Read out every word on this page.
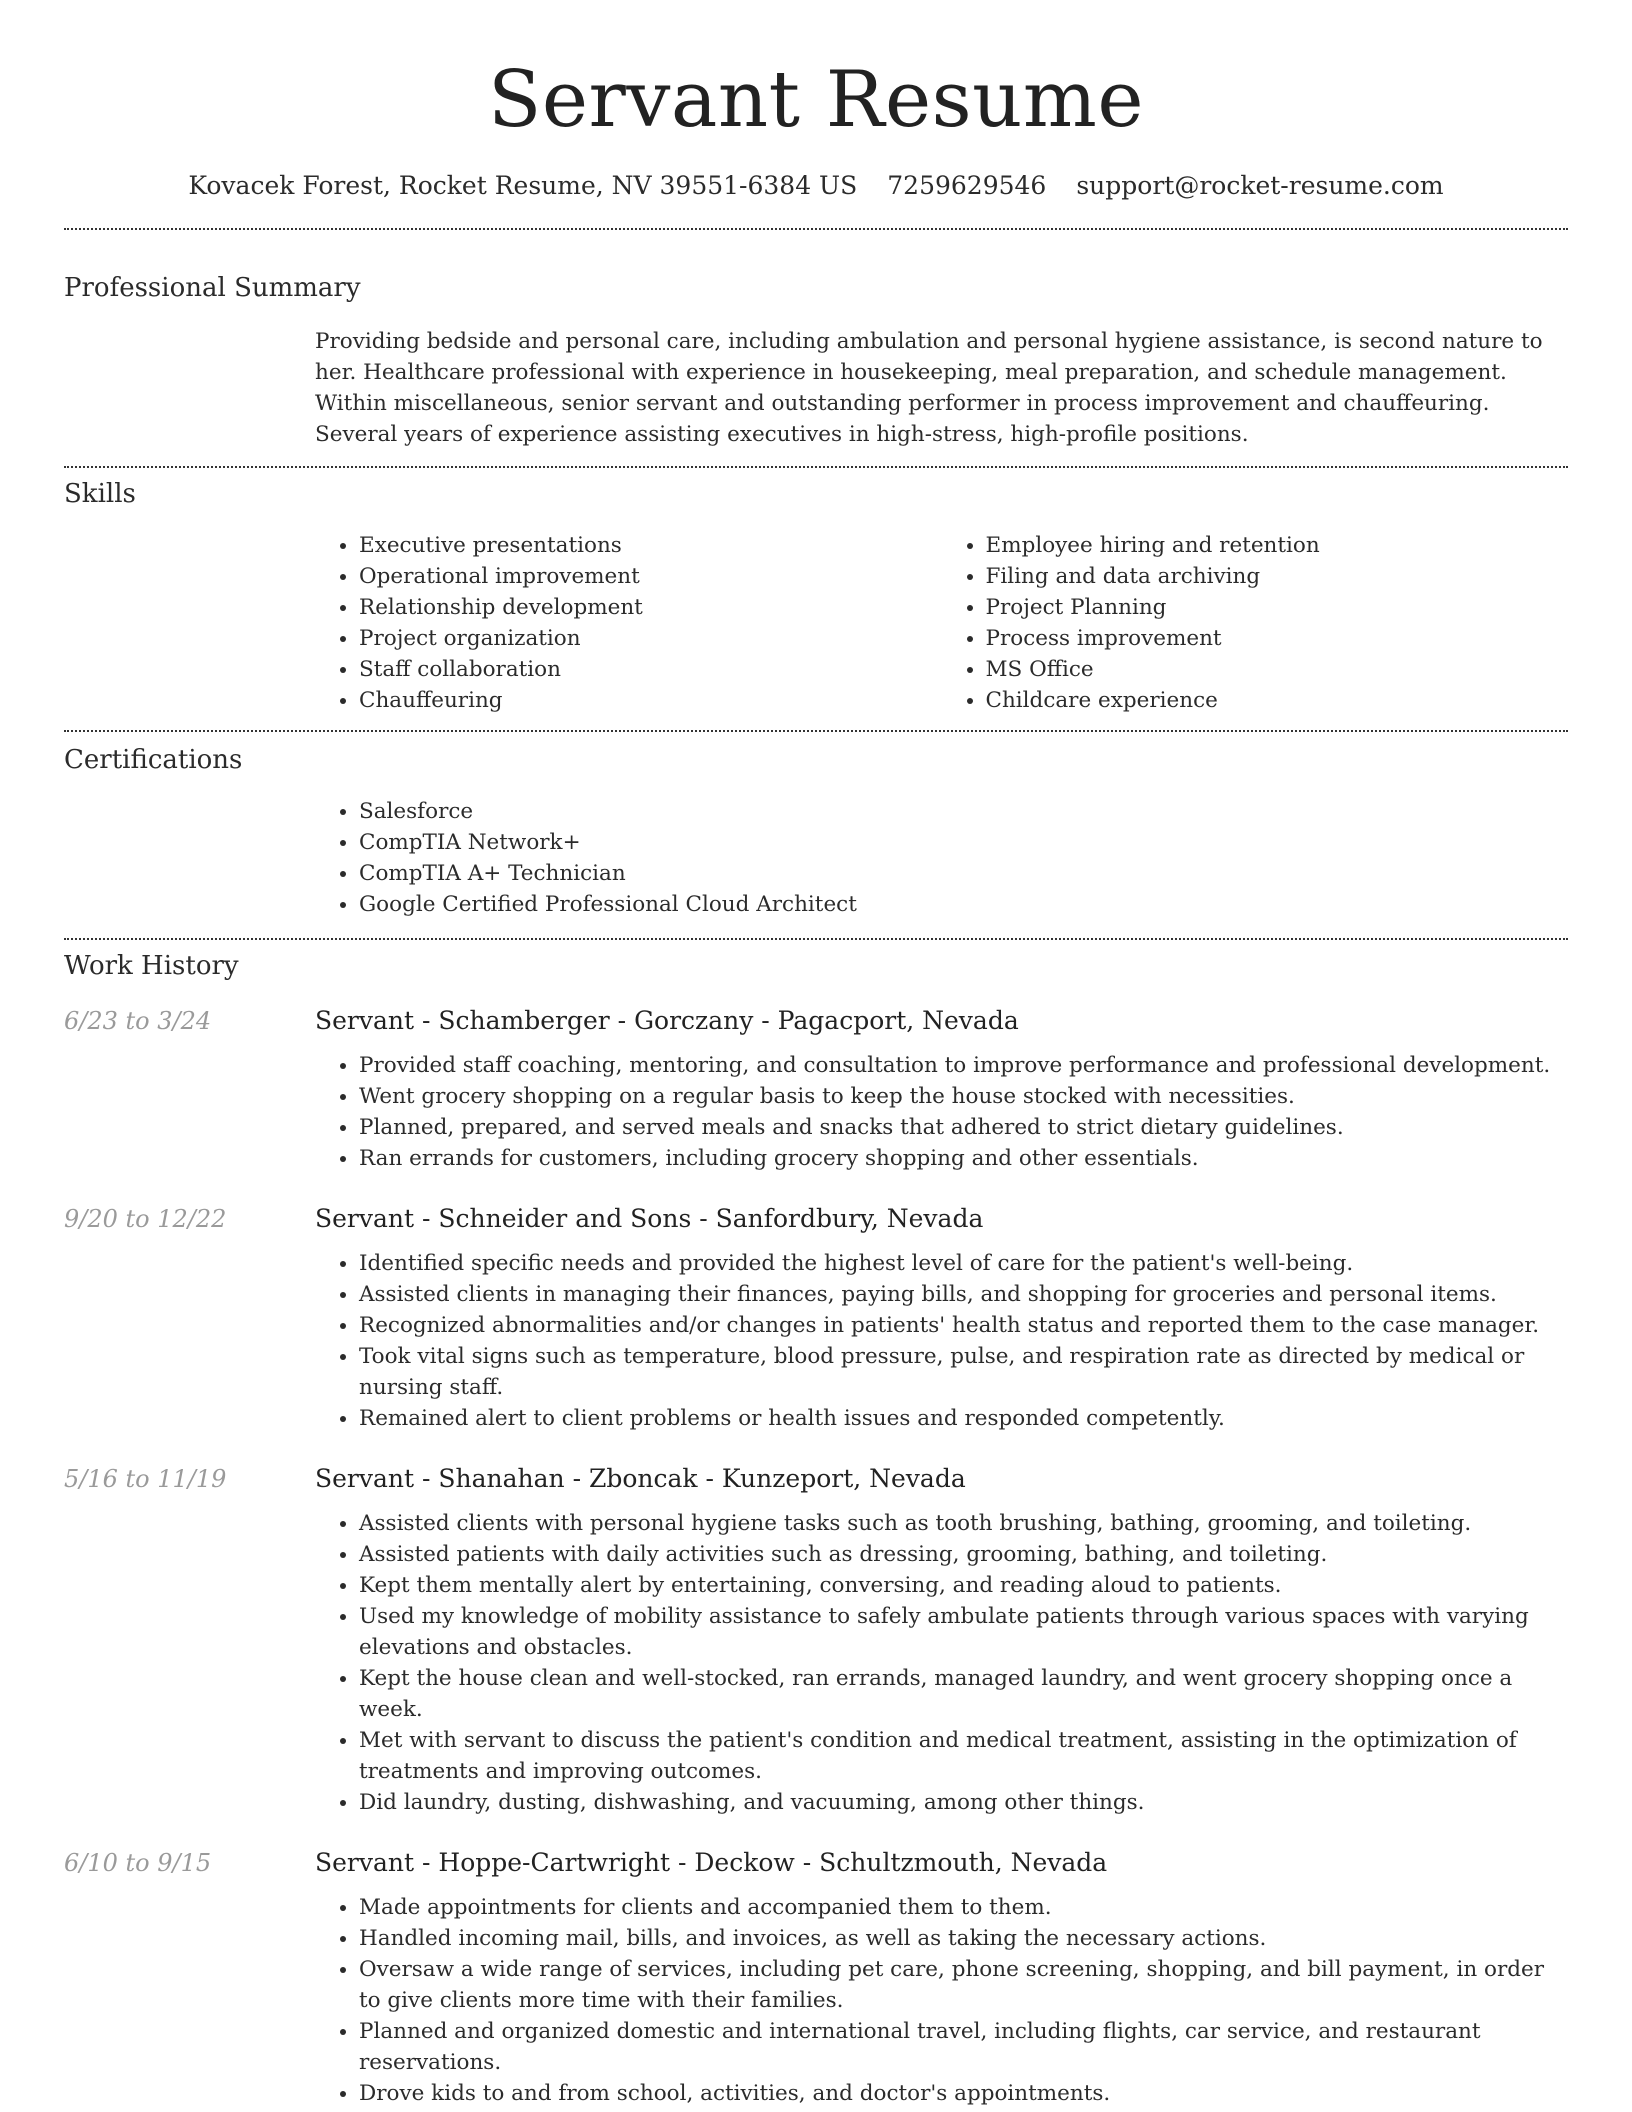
Servant Resume
Kovacek Forest, Rocket Resume, NV 39551-6384 US 7259629546 support@rocket-resume.com
Professional Summary
Providing bedside and personal care, including ambulation and personal hygiene assistance, is second nature to her. Healthcare professional with experience in housekeeping, meal preparation, and schedule management. Within miscellaneous, senior servant and outstanding performer in process improvement and chauffeuring. Several years of experience assisting executives in high-stress, high-profile positions.
Skills
• Executive presentations
• Operational improvement
• Relationship development
• Project organization
• Staff collaboration
• Chauffeuring
• Employee hiring and retention
• Filing and data archiving
• Project Planning
• Process improvement
• MS Office
• Childcare experience
Certifications
• Salesforce
• CompTIA Network+
• CompTIA A+ Technician
• Google Certified Professional Cloud Architect
Work History
6/23 to 3/24	Servant - Schamberger - Gorczany - Pagacport, Nevada
• Provided staff coaching, mentoring, and consultation to improve performance and professional development.
• Went grocery shopping on a regular basis to keep the house stocked with necessities.
• Planned, prepared, and served meals and snacks that adhered to strict dietary guidelines.
• Ran errands for customers, including grocery shopping and other essentials.
9/20 to 12/22	Servant - Schneider and Sons - Sanfordbury, Nevada
• Identified specific needs and provided the highest level of care for the patient's well-being.
• Assisted clients in managing their finances, paying bills, and shopping for groceries and personal items.
• Recognized abnormalities and/or changes in patients' health status and reported them to the case manager.
• Took vital signs such as temperature, blood pressure, pulse, and respiration rate as directed by medical or nursing staff.
• Remained alert to client problems or health issues and responded competently.
5/16 to 11/19	Servant - Shanahan - Zboncak - Kunzeport, Nevada
• Assisted clients with personal hygiene tasks such as tooth brushing, bathing, grooming, and toileting.
• Assisted patients with daily activities such as dressing, grooming, bathing, and toileting.
• Kept them mentally alert by entertaining, conversing, and reading aloud to patients.
• Used my knowledge of mobility assistance to safely ambulate patients through various spaces with varying elevations and obstacles.
• Kept the house clean and well-stocked, ran errands, managed laundry, and went grocery shopping once a week.
• Met with servant to discuss the patient's condition and medical treatment, assisting in the optimization of treatments and improving outcomes.
• Did laundry, dusting, dishwashing, and vacuuming, among other things.
6/10 to 9/15	Servant - Hoppe-Cartwright - Deckow - Schultzmouth, Nevada
• Made appointments for clients and accompanied them to them.
• Handled incoming mail, bills, and invoices, as well as taking the necessary actions.
• Oversaw a wide range of services, including pet care, phone screening, shopping, and bill payment, in order to give clients more time with their families.
• Planned and organized domestic and international travel, including flights, car service, and restaurant reservations.
• Drove kids to and from school, activities, and doctor's appointments.
